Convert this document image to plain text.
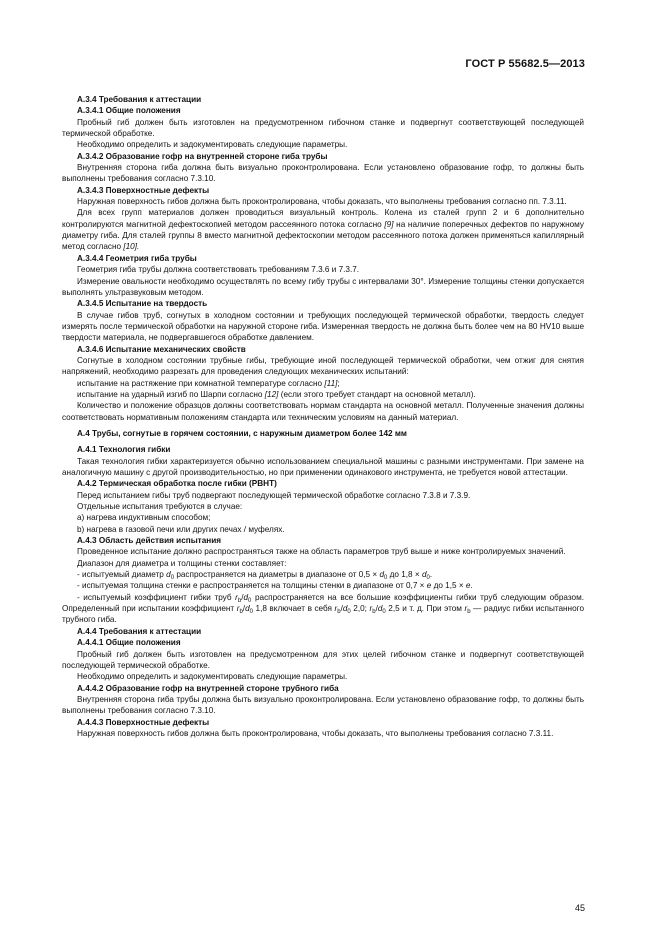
ГОСТ Р 55682.5—2013

А.3.4 Требования к аттестации

А.3.4.1 Общие положения

Пробный гиб должен быть изготовлен на предусмотренном гибочном станке и подвергнут соответствующей последующей термической обработке.

Необходимо определить и задокументировать следующие параметры.

А.3.4.2 Образование гофр на внутренней стороне гиба трубы

Внутренняя сторона гиба должна быть визуально проконтролирована. Если установлено образование гофр, то должны быть выполнены требования согласно 7.3.10.

А.3.4.3 Поверхностные дефекты

Наружная поверхность гибов должна быть проконтролирована, чтобы доказать, что выполнены требования согласно пп. 7.3.11.

Для всех групп материалов должен проводиться визуальный контроль. Колена из сталей групп 2 и 6 дополнительно контролируются магнитной дефектоскопией методом рассеянного потока согласно [9] на наличие поперечных дефектов по наружному диаметру гиба. Для сталей группы 8 вместо магнитной дефектоскопии методом рассеянного потока должен применяться капиллярный метод согласно [10].

А.3.4.4 Геометрия гиба трубы

Геометрия гиба трубы должна соответствовать требованиям 7.3.6 и 7.3.7.

Измерение овальности необходимо осуществлять по всему гибу трубы с интервалами 30°. Измерение толщины стенки допускается выполнять ультразвуковым методом.

А.3.4.5 Испытание на твердость

В случае гибов труб, согнутых в холодном состоянии и требующих последующей термической обработки, твердость следует измерять после термической обработки на наружной стороне гиба. Измеренная твердость не должна быть более чем на 80 HV10 выше твердости материала, не подвергавшегося обработке давлением.

А.3.4.6 Испытание механических свойств

Согнутые в холодном состоянии трубные гибы, требующие иной последующей термической обработки, чем отжиг для снятия напряжений, необходимо разрезать для проведения следующих механических испытаний:

испытание на растяжение при комнатной температуре согласно [11];

испытание на ударный изгиб по Шарпи согласно [12] (если этого требует стандарт на основной металл).

Количество и положение образцов должны соответствовать нормам стандарта на основной металл. Полученные значения должны соответствовать нормативным положениям стандарта или техническим условиям на данный материал.

А.4 Трубы, согнутые в горячем состоянии, с наружным диаметром более 142 мм

А.4.1 Технология гибки

Такая технология гибки характеризуется обычно использованием специальной машины с разными инструментами. При замене на аналогичную машину с другой производительностью, но при применении одинакового инструмента, не требуется новой аттестации.

А.4.2 Термическая обработка после гибки (PBHT)

Перед испытанием гибы труб подвергают последующей термической обработке согласно 7.3.8 и 7.3.9.

Отдельные испытания требуются в случае:

a) нагрева индуктивным способом;

b) нагрева в газовой печи или других печах / муфелях.

А.4.3 Область действия испытания

Проведенное испытание должно распространяться также на область параметров труб выше и ниже контролируемых значений.

Диапазон для диаметра и толщины стенки составляет:

- испытуемый диаметр $d_0$ распространяется на диаметры в диапазоне от $0,5 \times d_0$ до $1,8 \times d_0$.

- испытуемая толщина стенки е распространяется на толщины стенки в диапазоне от 0,7 × е до 1,5 × е.

- испытуемый коэффициент гибки труб $r_b/d_0$ распространяется на все большие коэффициенты гибки труб следующим образом. Определенный при испытании коэффициент $r_b/d_0$ 1,8 включает в себя $r_b/d_0$ 2,0; $r_b/d_0$ 2,5 и т. д. При этом $r_b$ — радиус гибки испытанного трубного гиба.

А.4.4 Требования к аттестации

А.4.4.1 Общие положения

Пробный гиб должен быть изготовлен на предусмотренном для этих целей гибочном станке и подвергнут соответствующей последующей термической обработке.

Необходимо определить и задокументировать следующие параметры.

А.4.4.2 Образование гофр на внутренней стороне трубного гиба

Внутренняя сторона гиба трубы должна быть визуально проконтролирована. Если установлено образование гофр, то должны быть выполнены требования согласно 7.3.10.

А.4.4.3 Поверхностные дефекты

Наружная поверхность гибов должна быть проконтролирована, чтобы доказать, что выполнены требования согласно 7.3.11.

45
